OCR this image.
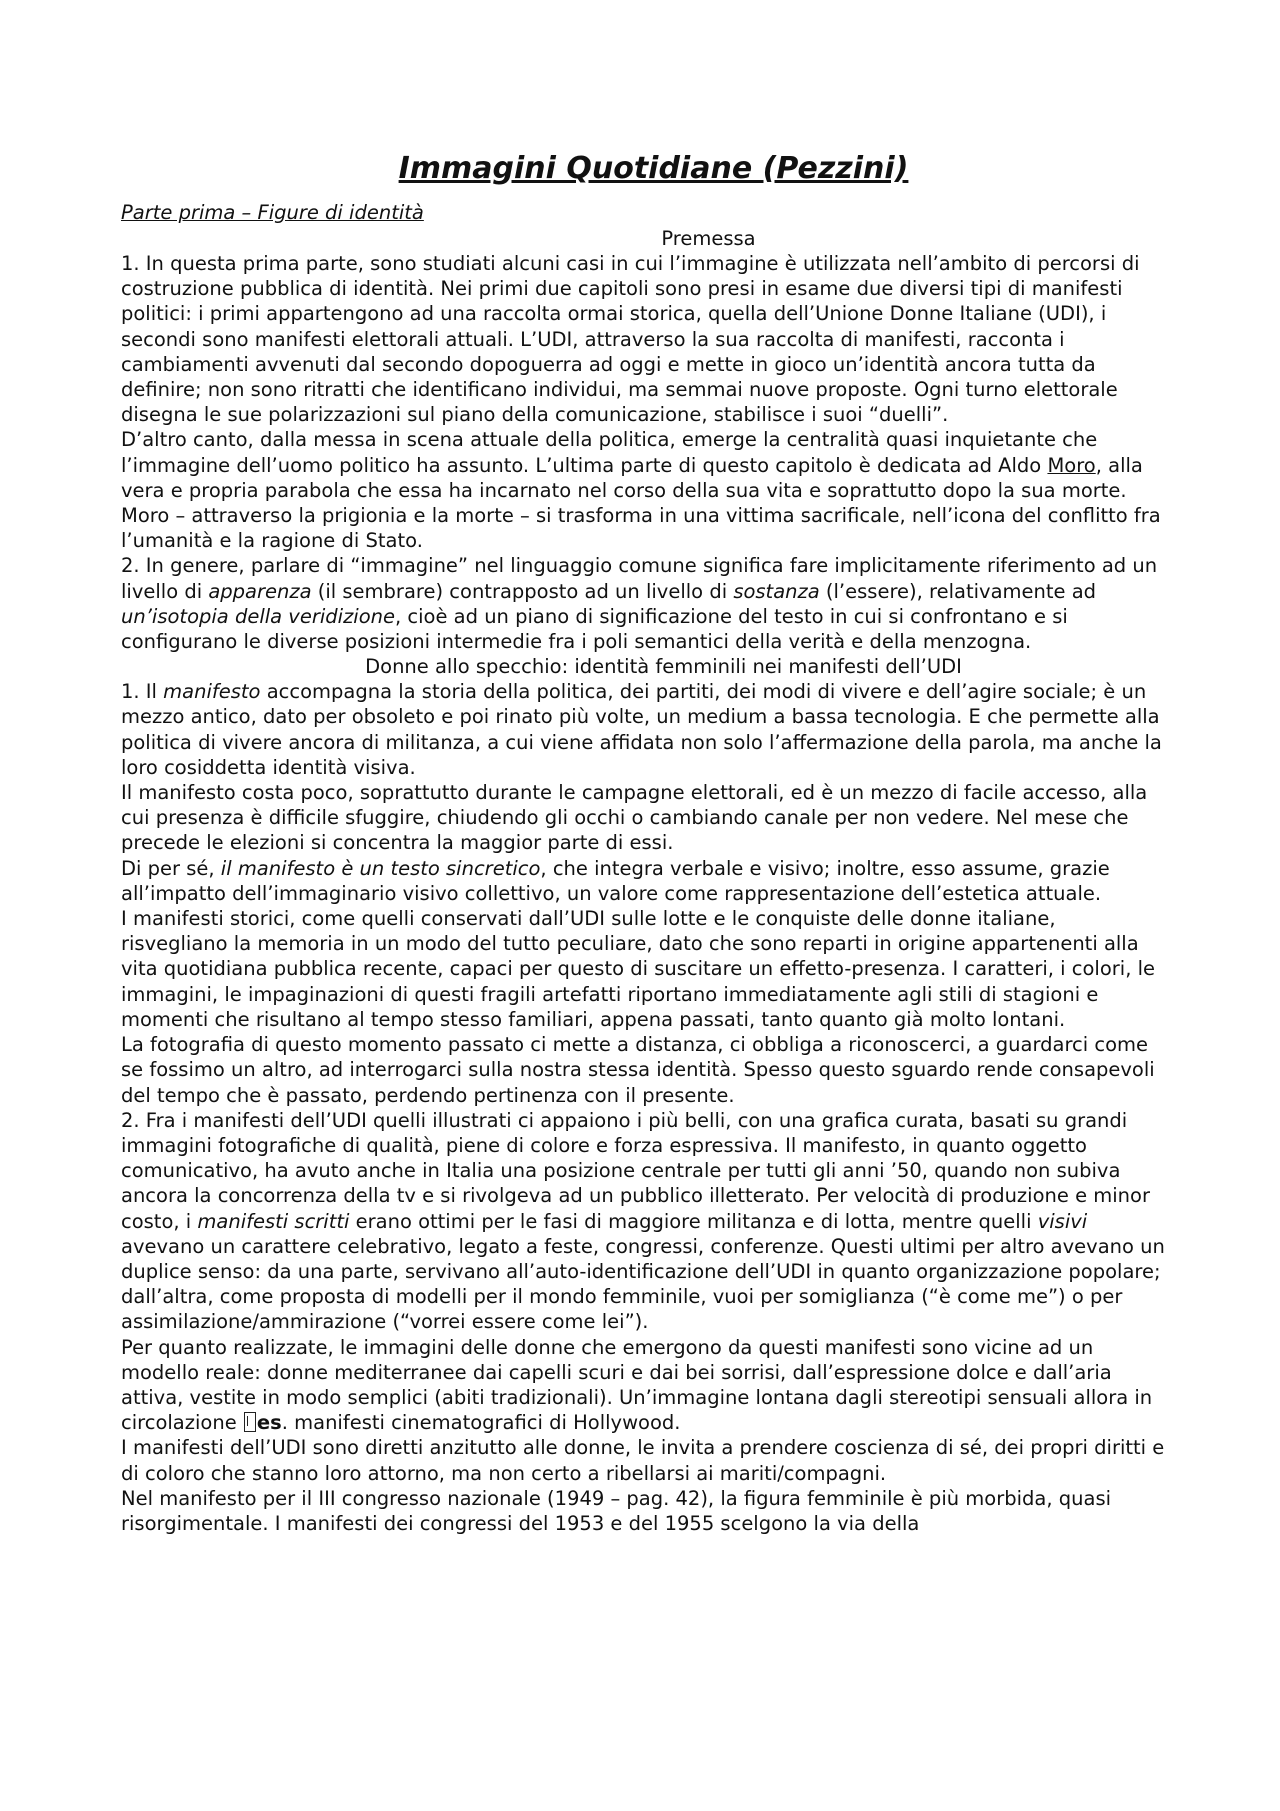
Immagini Quotidiane (Pezzini)

Parte prima – Figure di identità

Premessa

1. In questa prima parte, sono studiati alcuni casi in cui l’immagine è utilizzata nell’ambito di percorsi di costruzione pubblica di identità. Nei primi due capitoli sono presi in esame due diversi tipi di manifesti politici: i primi appartengono ad una raccolta ormai storica, quella dell’Unione Donne Italiane (UDI), i secondi sono manifesti elettorali attuali. L’UDI, attraverso la sua raccolta di manifesti, racconta i cambiamenti avvenuti dal secondo dopoguerra ad oggi e mette in gioco un’identità ancora tutta da definire; non sono ritratti che identificano individui, ma semmai nuove proposte. Ogni turno elettorale disegna le sue polarizzazioni sul piano della comunicazione, stabilisce i suoi “duelli”.

D’altro canto, dalla messa in scena attuale della politica, emerge la centralità quasi inquietante che l’immagine dell’uomo politico ha assunto. L’ultima parte di questo capitolo è dedicata ad Aldo Moro, alla vera e propria parabola che essa ha incarnato nel corso della sua vita e soprattutto dopo la sua morte. Moro – attraverso la prigionia e la morte – si trasforma in una vittima sacrificale, nell’icona del conflitto fra l’umanità e la ragione di Stato.

2. In genere, parlare di “immagine” nel linguaggio comune significa fare implicitamente riferimento ad un livello di apparenza (il sembrare) contrapposto ad un livello di sostanza (l’essere), relativamente ad un’isotopia della veridizione, cioè ad un piano di significazione del testo in cui si confrontano e si configurano le diverse posizioni intermedie fra i poli semantici della verità e della menzogna.

Donne allo specchio: identità femminili nei manifesti dell’UDI

1. Il manifesto accompagna la storia della politica, dei partiti, dei modi di vivere e dell’agire sociale; è un mezzo antico, dato per obsoleto e poi rinato più volte, un medium a bassa tecnologia. E che permette alla politica di vivere ancora di militanza, a cui viene affidata non solo l’affermazione della parola, ma anche la loro cosiddetta identità visiva.

Il manifesto costa poco, soprattutto durante le campagne elettorali, ed è un mezzo di facile accesso, alla cui presenza è difficile sfuggire, chiudendo gli occhi o cambiando canale per non vedere. Nel mese che precede le elezioni si concentra la maggior parte di essi.

Di per sé, il manifesto è un testo sincretico, che integra verbale e visivo; inoltre, esso assume, grazie all’impatto dell’immaginario visivo collettivo, un valore come rappresentazione dell’estetica attuale.

I manifesti storici, come quelli conservati dall’UDI sulle lotte e le conquiste delle donne italiane, risvegliano la memoria in un modo del tutto peculiare, dato che sono reparti in origine appartenenti alla vita quotidiana pubblica recente, capaci per questo di suscitare un effetto-presenza. I caratteri, i colori, le immagini, le impaginazioni di questi fragili artefatti riportano immediatamente agli stili di stagioni e momenti che risultano al tempo stesso familiari, appena passati, tanto quanto già molto lontani.

La fotografia di questo momento passato ci mette a distanza, ci obbliga a riconoscerci, a guardarci come se fossimo un altro, ad interrogarci sulla nostra stessa identità. Spesso questo sguardo rende consapevoli del tempo che è passato, perdendo pertinenza con il presente.

2. Fra i manifesti dell’UDI quelli illustrati ci appaiono i più belli, con una grafica curata, basati su grandi immagini fotografiche di qualità, piene di colore e forza espressiva. Il manifesto, in quanto oggetto comunicativo, ha avuto anche in Italia una posizione centrale per tutti gli anni ’50, quando non subiva ancora la concorrenza della tv e si rivolgeva ad un pubblico illetterato. Per velocità di produzione e minor costo, i manifesti scritti erano ottimi per le fasi di maggiore militanza e di lotta, mentre quelli visivi avevano un carattere celebrativo, legato a feste, congressi, conferenze. Questi ultimi per altro avevano un duplice senso: da una parte, servivano all’auto-identificazione dell’UDI in quanto organizzazione popolare; dall’altra, come proposta di modelli per il mondo femminile, vuoi per somiglianza (“è come me”) o per assimilazione/ammirazione (“vorrei essere come lei”).

Per quanto realizzate, le immagini delle donne che emergono da questi manifesti sono vicine ad un modello reale: donne mediterranee dai capelli scuri e dai bei sorrisi, dall’espressione dolce e dall’aria attiva, vestite in modo semplici (abiti tradizionali). Un’immagine lontana dagli stereotipi sensuali allora in circolazione es. manifesti cinematografici di Hollywood.

I manifesti dell’UDI sono diretti anzitutto alle donne, le invita a prendere coscienza di sé, dei propri diritti e di coloro che stanno loro attorno, ma non certo a ribellarsi ai mariti/compagni.

Nel manifesto per il III congresso nazionale (1949 – pag. 42), la figura femminile è più morbida, quasi risorgimentale. I manifesti dei congressi del 1953 e del 1955 scelgono la via della
